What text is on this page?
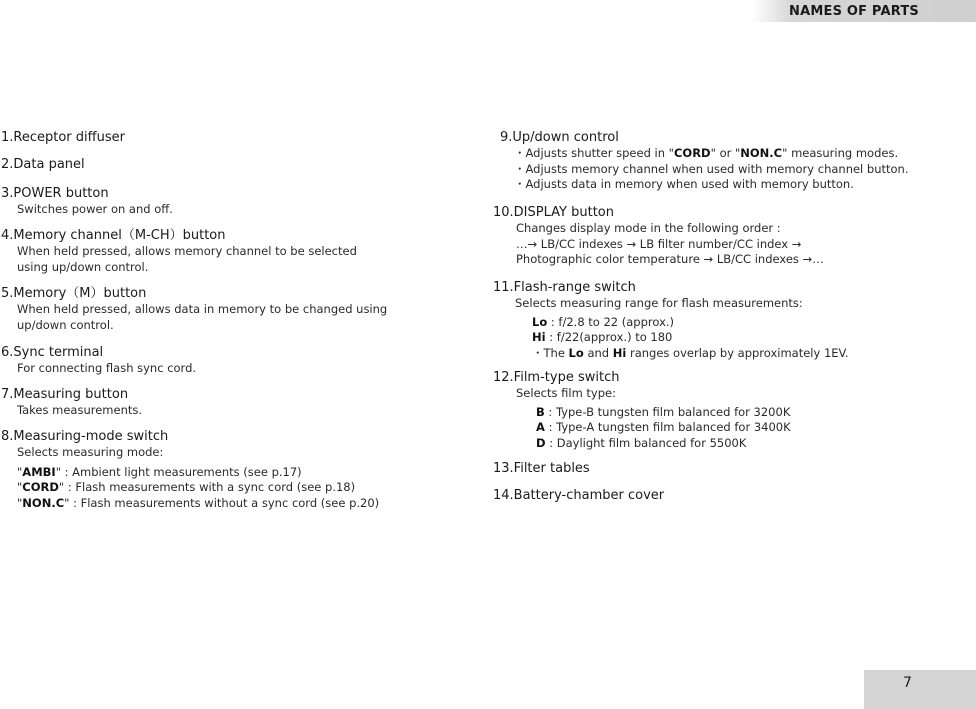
NAMES OF PARTS
1.Receptor diffuser
2.Data panel
3.POWER button
Switches power on and off.
4.Memory channel（M-CH）button
When held pressed, allows memory channel to be selected
using up/down control.
5.Memory（M）button
When held pressed, allows data in memory to be changed using
up/down control.
6.Sync terminal
For connecting flash sync cord.
7.Measuring button
Takes measurements.
8.Measuring-mode switch
Selects measuring mode:
"AMBI" : Ambient light measurements (see p.17)
"CORD" : Flash measurements with a sync cord (see p.18)
"NON.C" : Flash measurements without a sync cord (see p.20)
9.Up/down control
・Adjusts shutter speed in "CORD" or "NON.C" measuring modes.
・Adjusts memory channel when used with memory channel button.
・Adjusts data in memory when used with memory button.
10.DISPLAY button
Changes display mode in the following order :
…→ LB/CC indexes → LB filter number/CC index →
Photographic color temperature → LB/CC indexes →…
11.Flash-range switch
Selects measuring range for flash measurements:
Lo : f/2.8 to 22 (approx.)
Hi : f/22(approx.) to 180
・The Lo and Hi ranges overlap by approximately 1EV.
12.Film-type switch
Selects film type:
B : Type-B tungsten film balanced for 3200K
A : Type-A tungsten film balanced for 3400K
D : Daylight film balanced for 5500K
13.Filter tables
14.Battery-chamber cover
7
